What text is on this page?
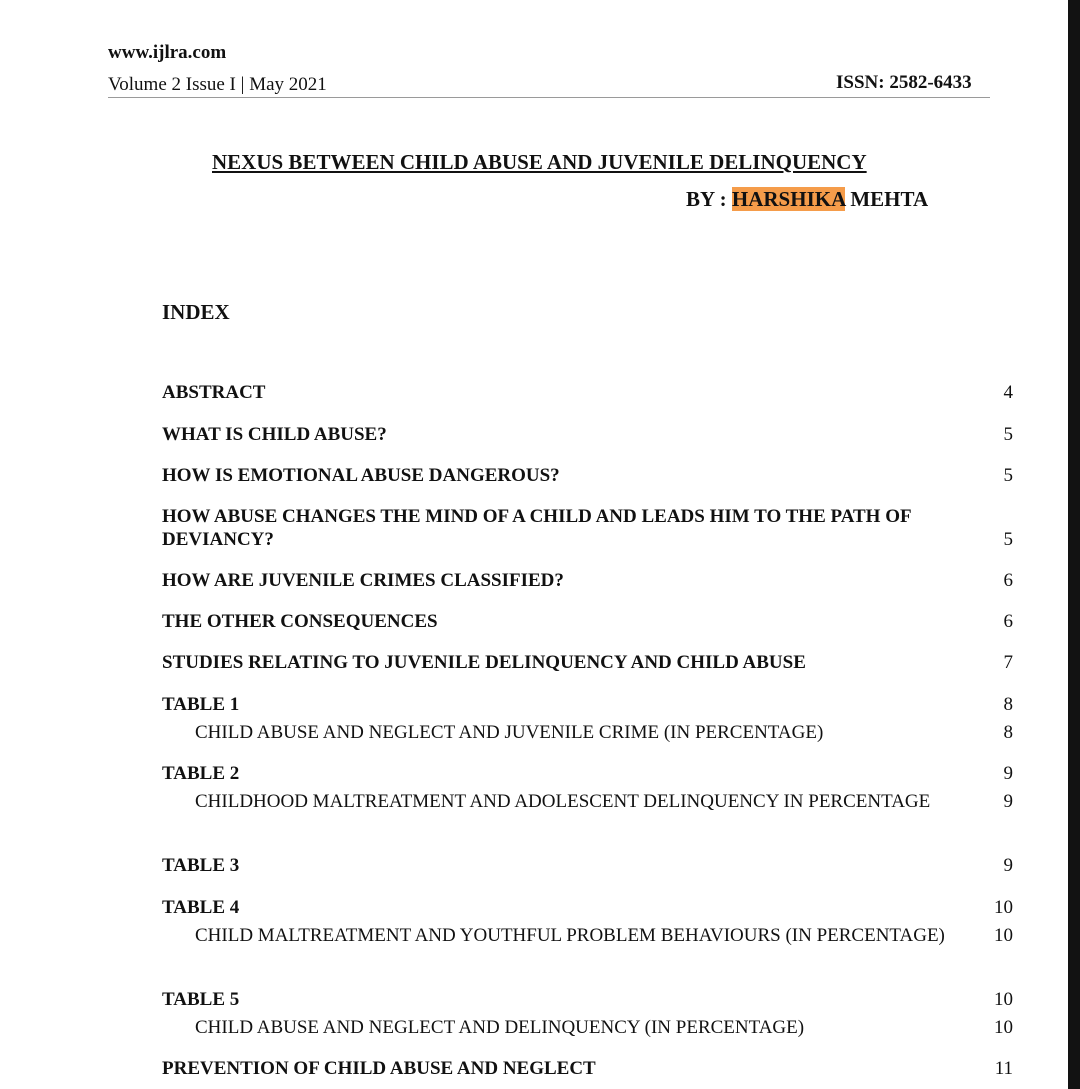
www.ijlra.com
Volume 2 Issue I | May 2021	ISSN: 2582-6433
NEXUS BETWEEN CHILD ABUSE AND JUVENILE DELINQUENCY
BY : HARSHIKA MEHTA
INDEX
ABSTRACT	4
WHAT IS CHILD ABUSE?	5
HOW IS EMOTIONAL ABUSE DANGEROUS?	5
HOW ABUSE CHANGES THE MIND OF A CHILD AND LEADS HIM TO THE PATH OF DEVIANCY?	5
HOW ARE JUVENILE CRIMES CLASSIFIED?	6
THE OTHER CONSEQUENCES	6
STUDIES RELATING TO JUVENILE DELINQUENCY AND CHILD ABUSE	7
TABLE 1	8
CHILD ABUSE AND NEGLECT AND JUVENILE CRIME (IN PERCENTAGE)	8
TABLE 2	9
CHILDHOOD MALTREATMENT AND ADOLESCENT DELINQUENCY IN PERCENTAGE	9
TABLE 3	9
TABLE 4	10
CHILD MALTREATMENT AND YOUTHFUL PROBLEM BEHAVIOURS (IN PERCENTAGE)	10
TABLE 5	10
CHILD ABUSE AND NEGLECT AND DELINQUENCY (IN PERCENTAGE)	10
PREVENTION OF CHILD ABUSE AND NEGLECT	11
